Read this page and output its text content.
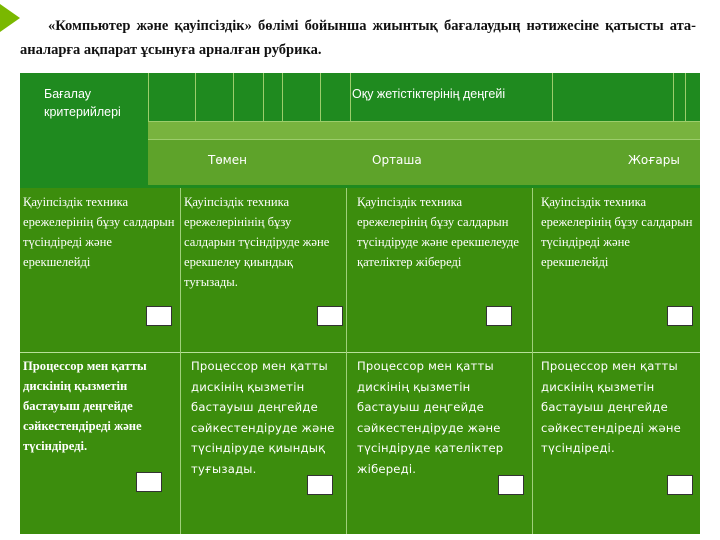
«Компьютер және қауіпсіздік» бөлімі бойынша жиынтық бағалаудың нәтижесіне қатысты ата-аналарға ақпарат ұсынуға арналған рубрика.
Бағалау критерийлері
Оқу жетістіктерінің деңгейі
Төмен	Орташа	Жоғары
Қауіпсіздік техника ережелерінің бұзу салдарын түсіндіреді және ерекшелейді
Қауіпсіздік техника ережелерінінің бұзу салдарын түсіндіруде және ерекшелеу қиындық туғызады.
Қауіпсіздік техника ережелерінің бұзу салдарын түсіндіруде және ерекшелеуде қателіктер жібереді
Қауіпсіздік техника ережелерінің бұзу салдарын түсіндіреді және ерекшелейді
Процессор мен қатты дискінің қызметін бастауыш деңгейде сәйкестендіреді және түсіндіреді.
Процессор мен қатты дискінің қызметін бастауыш деңгейде сәйкестендіруде және түсіндіруде қиындық туғызады.
Процессор мен қатты дискінің қызметін бастауыш деңгейде сәйкестендіруде және түсіндіруде қателіктер жібереді.
Процессор мен қатты дискінің қызметін бастауыш деңгейде сәйкестендіреді және түсіндіреді.
